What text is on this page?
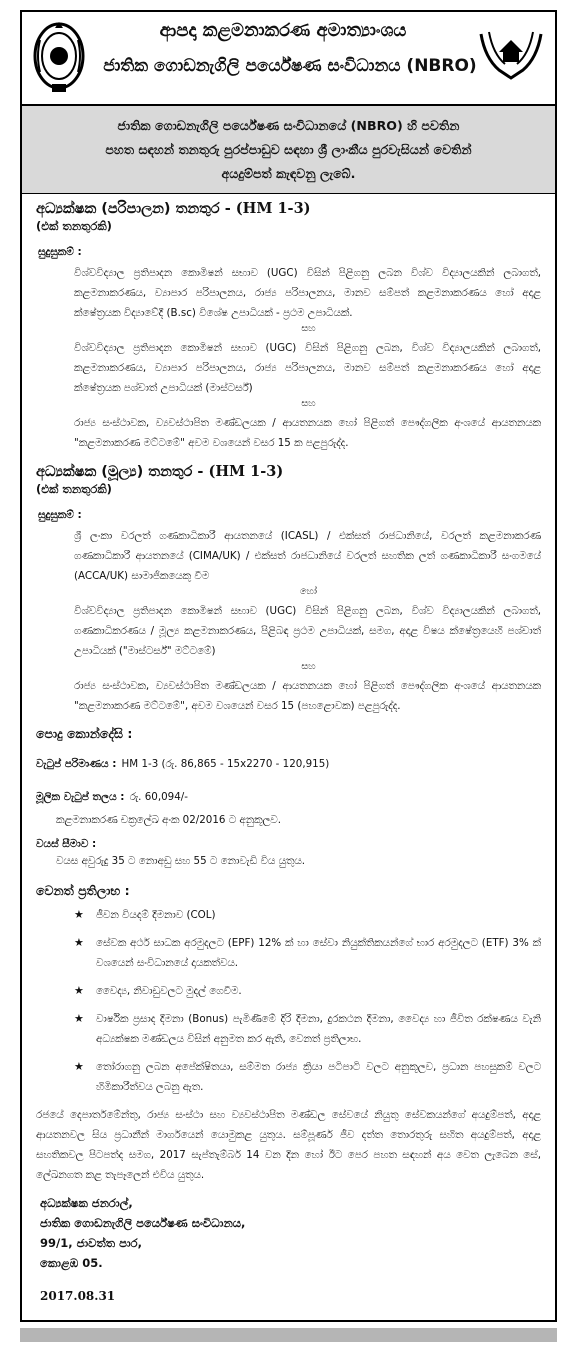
ආපදා කළමනාකරණ අමාත්‍යාංශය
ජාතික ගොඩනැගිලි පර්යේෂණ සංවිධානය (NBRO)
ජාතික ගොඩනැගිලි පර්යේෂණ සංවිධානයේ (NBRO) හි පවතින
පහත සඳහන් තනතුරු පුරප්පාඩුව සඳහා ශ්‍රී ලාංකීය පුරවැසියන් වෙතින්
අයදුම්පත් කැඳවනු ලැබේ.
අධ්‍යක්ෂක (පරිපාලන) තනතුර - (HM 1-3)
(එක් තනතුරකි)
සුදුසුකම් :
විශ්වවිද්‍යාල ප්‍රතිපාදන කොමිෂන් සභාව (UGC) විසින් පිළිගනු ලබන විශ්ව විද්‍යාලයකින් ලබාගත්, කළමනාකරණය, ව්‍යාපාර පරිපාලනය, රාජ්‍ය පරිපාලනය, මානව සම්පත් කළමනාකරණය හෝ අදාළ ක්ෂේත්‍රයක විද්‍යාවේදී (B.sc) විශේෂ උපාධියක් - ප්‍රථම උපාධියක්.
සහ
විශ්වවිද්‍යාල ප්‍රතිපාදන කොමිෂන් සභාව (UGC) විසින් පිළිගනු ලබන, විශ්ව විද්‍යාලයකින් ලබාගත්, කළමනාකරණය, ව්‍යාපාර පරිපාලනය, රාජ්‍ය පරිපාලනය, මානව සම්පත් කළමනාකරණය හෝ අදාළ ක්ෂේත්‍රයක පශ්චාත් උපාධියක් (මාස්ටර්ස්)
සහ
රාජ්‍ය සංස්ථාවක, ව්‍යවස්ථාපිත මණ්ඩලයක / ආයතනයක හෝ පිළිගත් පෞද්ගලික අංශයේ ආයතනයක "කළමනාකරණ මට්ටමේ" අවම වශයෙන් වසර 15 ක පළපුරුද්ද.
අධ්‍යක්ෂක (මූල්‍ය) තනතුර - (HM 1-3)
(එක් තනතුරකි)
සුදුසුකම් :
ශ්‍රී ලංකා වරලත් ගණකාධිකාරී ආයතනයේ (ICASL) / එක්සත් රාජධානියේ, වරලත් කළමනාකරණ ගණකාධිකාරී ආයතනයේ (CIMA/UK) / එක්සත් රාජධානියේ වරලත් සහතික ලත් ගණකාධිකාරී සංගමයේ (ACCA/UK) සාමාජිකයෙකු වීම
හෝ
විශ්වවිද්‍යාල ප්‍රතිපාදන කොමිෂන් සභාව (UGC) විසින් පිළිගනු ලබන, විශ්ව විද්‍යාලයකින් ලබාගත්, ගණකාධිකරණය / මූල්‍ය කළමනාකරණය, පිළිබඳ ප්‍රථම උපාධියක්, සමග, අදාළ විෂය ක්ෂේත්‍රයෙහි පශ්චාත් උපාධියක් ("මාස්ටර්ස්" මට්ටමේ)
සහ
රාජ්‍ය සංස්ථාවක, ව්‍යවස්ථාපිත මණ්ඩලයක / ආයතනයක හෝ පිළිගත් පෞද්ගලික අංශයේ ආයතනයක "කළමනාකරණ මට්ටමේ", අවම වශයෙන් වසර 15 (පහළොවක) පළපුරුද්ද.
පොදු කොන්දේසි :
වැටුප් පරිමාණය : HM 1-3 (රු. 86,865 - 15x2270 - 120,915)
මූලික වැටුප් තලය : රු. 60,094/-
කළමනාකරණ චක්‍රලේඛ අංක 02/2016 ට අනුකූලව.
වයස් සීමාව :
වයස අවුරුදු 35 ට නොඅඩු සහ 55 ට නොවැඩි විය යුතුය.
වෙනත් ප්‍රතිලාභ :
★ ජීවන වියදම් දීමනාව (COL)
★ සේවක අර්ථ සාධක අරමුදලට (EPF) 12% ක් හා සේවා නියුක්තිකයන්ගේ භාර අරමුදලට (ETF) 3% ක් වශයෙන් සංවිධානයේ දායකත්වය.
★ වෛද්‍ය, නිවාඩුවලට මුදල් ගෙවීම.
★ වාර්ෂික ප්‍රසාද දීමනා (Bonus) පැමිණීමේ දිරි දීමනා, දුරකථන දීමනා, වෛද්‍ය හා ජීවිත රක්ෂණය වැනි අධ්‍යක්ෂක මණ්ඩලය විසින් අනුමත කර ඇති, වෙනත් ප්‍රතිලාභ.
★ තෝරාගනු ලබන අපේක්ෂිතයා, සම්මත රාජ්‍ය ක්‍රියා පටිපාටි වලට අනුකූලව, ප්‍රධාන පහසුකම් වලට හිමිකාරීත්වය ලබනු ඇත.
රජයේ දෙපාර්තමේන්තු, රාජ්‍ය සංස්ථා සහ ව්‍යවස්ථාපිත මණ්ඩල සේවයේ නියුතු සේවකයන්ගේ අයදුම්පත්, අදාළ ආයතනවල සිය ප්‍රධානීන් මාර්ගයෙන් යොමුකළ යුතුය. සම්පූර්ණ ජීව දත්ත තොරතුරු සහිත අයදුම්පත්, අදාළ සහතිකවල පිටපත්ද සමග, 2017 සැප්තැම්බර් 14 වන දින හෝ ඊට පෙර පහත සඳහන් අය වෙත ලැබෙන සේ, ලේඛනගත කළ තැපෑලෙන් එවිය යුතුය.
අධ්‍යක්ෂක ජනරාල්,
ජාතික ගොඩනැගිලි පර්යේෂණ සංවිධානය,
99/1, ජාවත්ත පාර,
කොළඹ 05.
2017.08.31
